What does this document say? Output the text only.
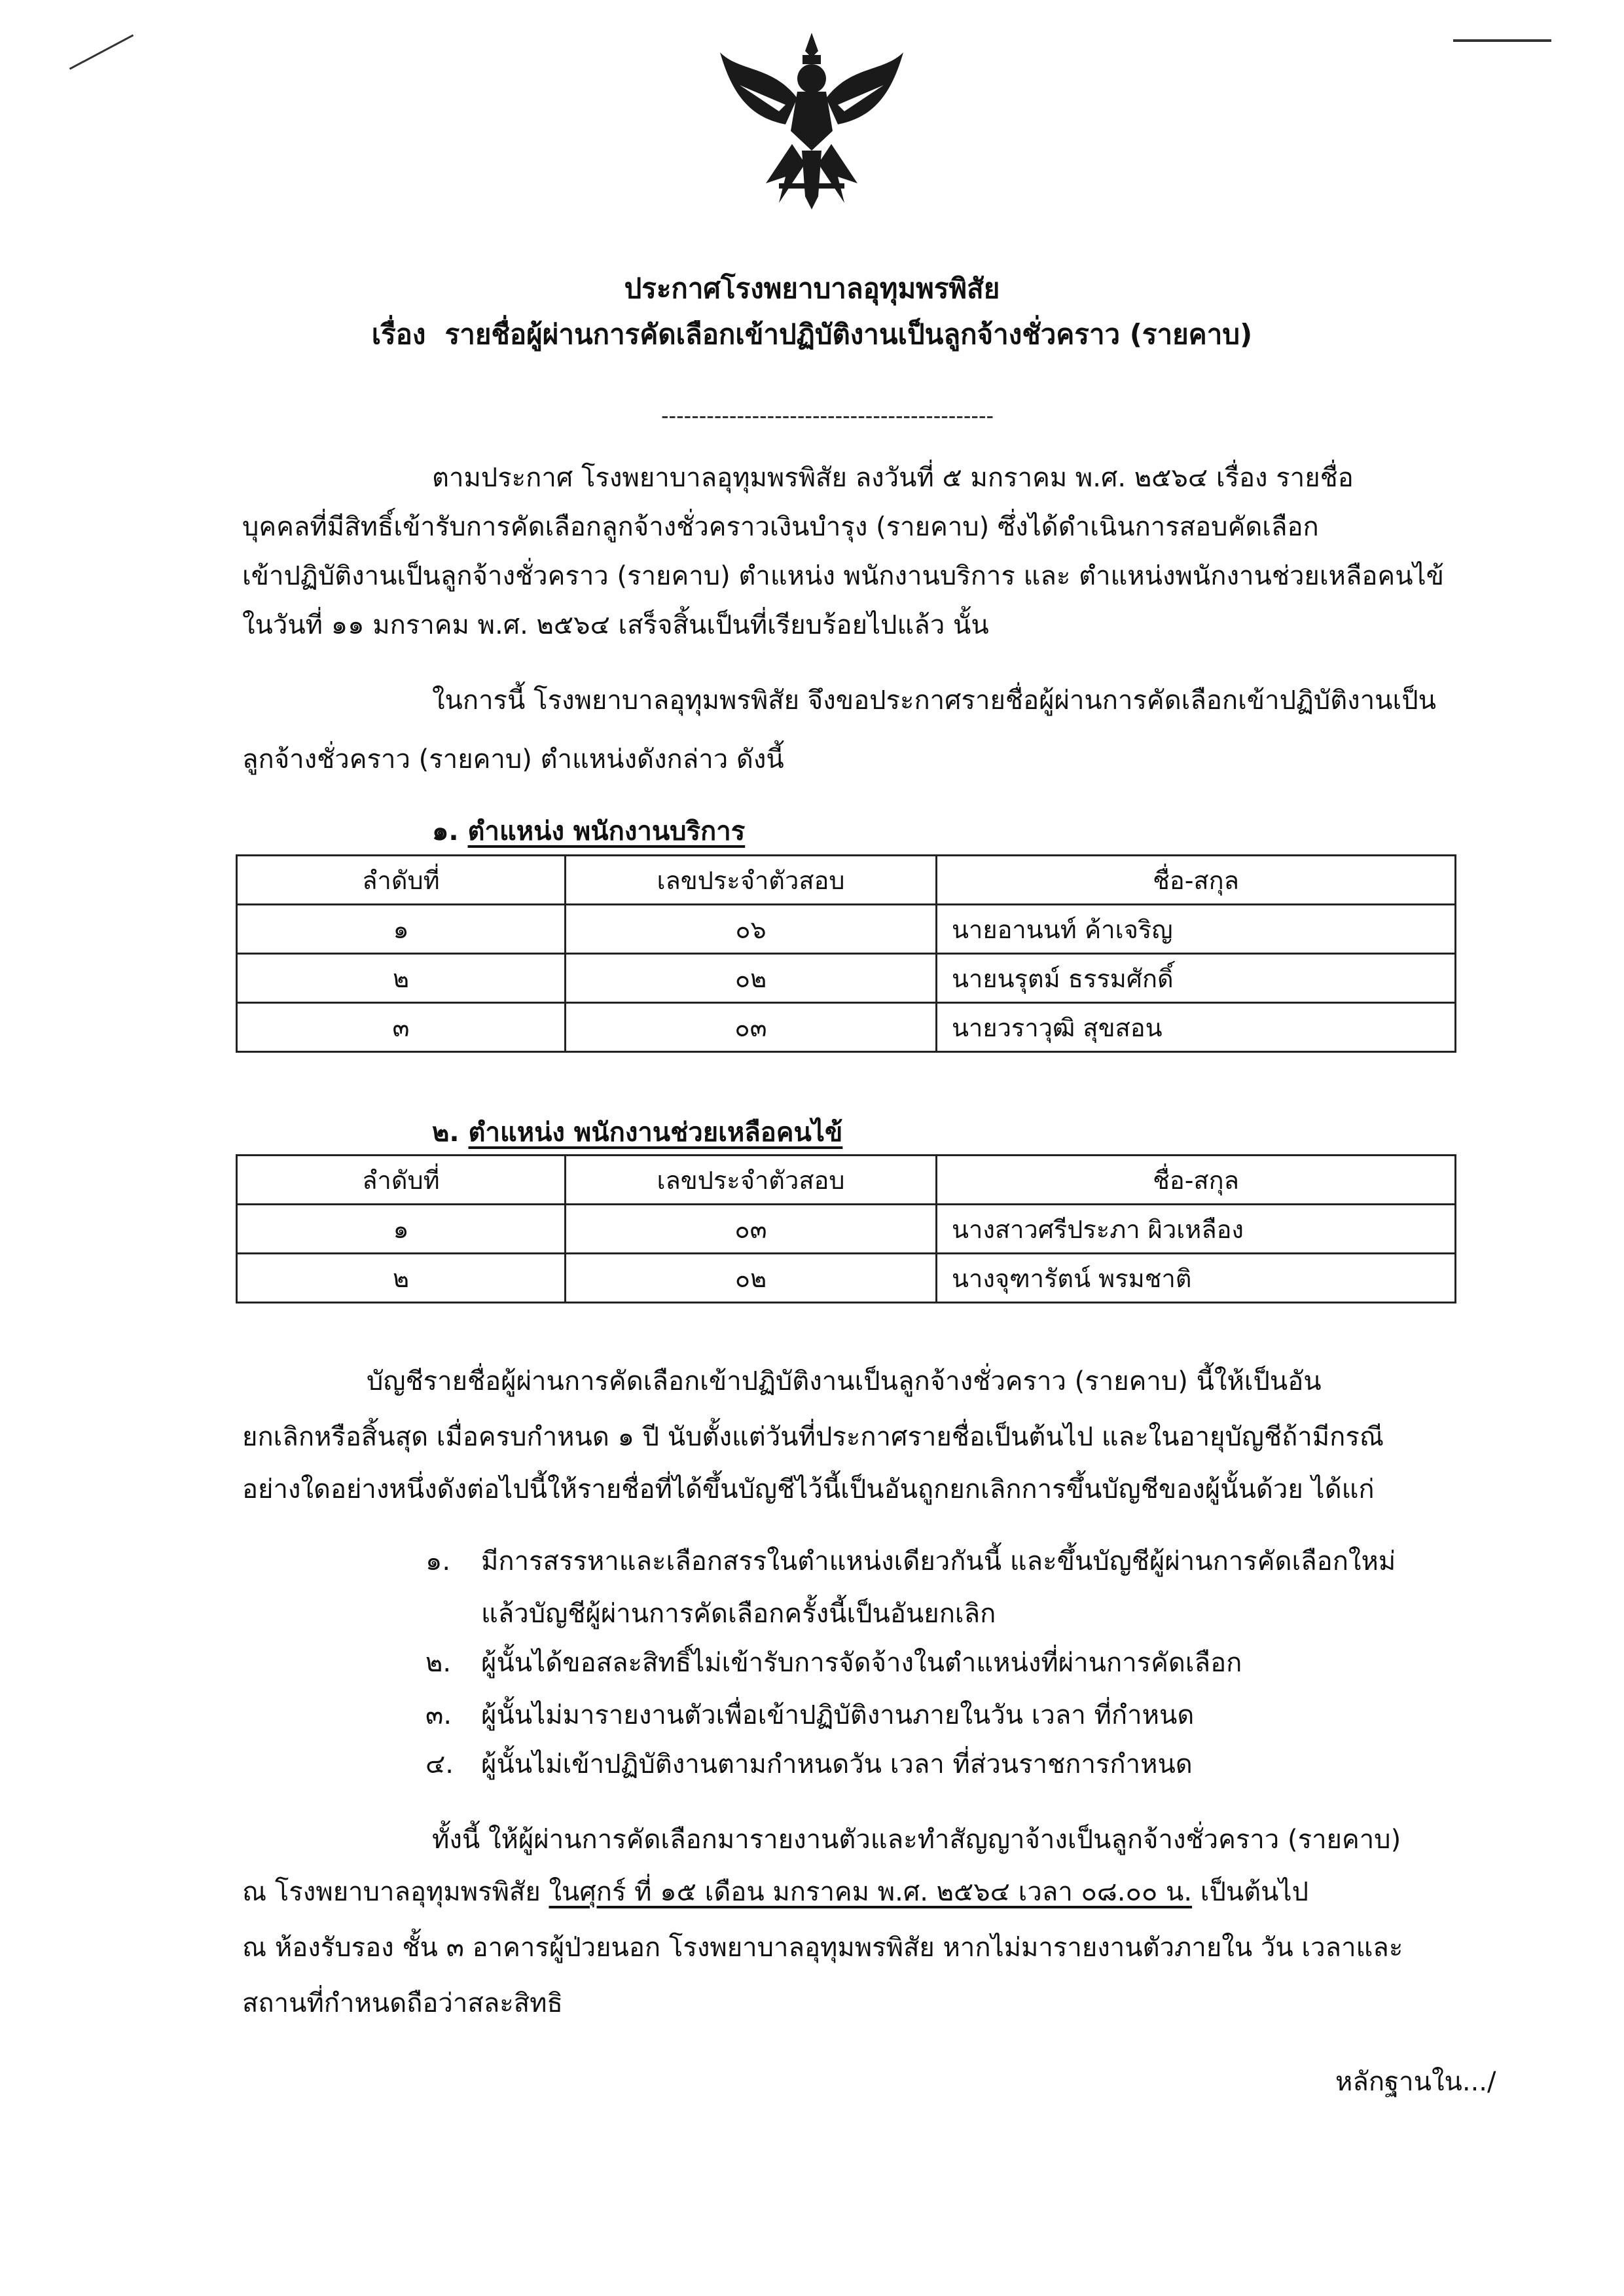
ประกาศโรงพยาบาลอุทุมพรพิสัย
เรื่อง รายชื่อผู้ผ่านการคัดเลือกเข้าปฏิบัติงานเป็นลูกจ้างชั่วคราว (รายคาบ)
--------------------------------------------
ตามประกาศ โรงพยาบาลอุทุมพรพิสัย ลงวันที่ ๕ มกราคม พ.ศ. ๒๕๖๔ เรื่อง รายชื่อ
บุคคลที่มีสิทธิ์เข้ารับการคัดเลือกลูกจ้างชั่วคราวเงินบำรุง (รายคาบ) ซึ่งได้ดำเนินการสอบคัดเลือก
เข้าปฏิบัติงานเป็นลูกจ้างชั่วคราว (รายคาบ) ตำแหน่ง พนักงานบริการ และ ตำแหน่งพนักงานช่วยเหลือคนไข้
ในวันที่ ๑๑ มกราคม พ.ศ. ๒๕๖๔ เสร็จสิ้นเป็นที่เรียบร้อยไปแล้ว นั้น
ในการนี้ โรงพยาบาลอุทุมพรพิสัย จึงขอประกาศรายชื่อผู้ผ่านการคัดเลือกเข้าปฏิบัติงานเป็น
ลูกจ้างชั่วคราว (รายคาบ) ตำแหน่งดังกล่าว ดังนี้
๑. ตำแหน่ง พนักงานบริการ
ลำดับที่	เลขประจำตัวสอบ	ชื่อ-สกุล
๑	๐๖	นายอานนท์ ค้าเจริญ
๒	๐๒	นายนรุตม์ ธรรมศักดิ์
๓	๐๓	นายวราวุฒิ สุขสอน
๒. ตำแหน่ง พนักงานช่วยเหลือคนไข้
ลำดับที่	เลขประจำตัวสอบ	ชื่อ-สกุล
๑	๐๓	นางสาวศรีประภา ผิวเหลือง
๒	๐๒	นางจุฑารัตน์ พรมชาติ
บัญชีรายชื่อผู้ผ่านการคัดเลือกเข้าปฏิบัติงานเป็นลูกจ้างชั่วคราว (รายคาบ) นี้ให้เป็นอัน
ยกเลิกหรือสิ้นสุด เมื่อครบกำหนด ๑ ปี นับตั้งแต่วันที่ประกาศรายชื่อเป็นต้นไป และในอายุบัญชีถ้ามีกรณี
อย่างใดอย่างหนึ่งดังต่อไปนี้ให้รายชื่อที่ได้ขึ้นบัญชีไว้นี้เป็นอันถูกยกเลิกการขึ้นบัญชีของผู้นั้นด้วย ได้แก่
๑. มีการสรรหาและเลือกสรรในตำแหน่งเดียวกันนี้ และขึ้นบัญชีผู้ผ่านการคัดเลือกใหม่
แล้วบัญชีผู้ผ่านการคัดเลือกครั้งนี้เป็นอันยกเลิก
๒. ผู้นั้นได้ขอสละสิทธิ์ไม่เข้ารับการจัดจ้างในตำแหน่งที่ผ่านการคัดเลือก
๓. ผู้นั้นไม่มารายงานตัวเพื่อเข้าปฏิบัติงานภายในวัน เวลา ที่กำหนด
๔. ผู้นั้นไม่เข้าปฏิบัติงานตามกำหนดวัน เวลา ที่ส่วนราชการกำหนด
ทั้งนี้ ให้ผู้ผ่านการคัดเลือกมารายงานตัวและทำสัญญาจ้างเป็นลูกจ้างชั่วคราว (รายคาบ)
ณ โรงพยาบาลอุทุมพรพิสัย ในศุกร์ ที่ ๑๕ เดือน มกราคม พ.ศ. ๒๕๖๔ เวลา ๐๘.๐๐ น. เป็นต้นไป
ณ ห้องรับรอง ชั้น ๓ อาคารผู้ป่วยนอก โรงพยาบาลอุทุมพรพิสัย หากไม่มารายงานตัวภายใน วัน เวลาและ
สถานที่กำหนดถือว่าสละสิทธิ
หลักฐานใน.../
